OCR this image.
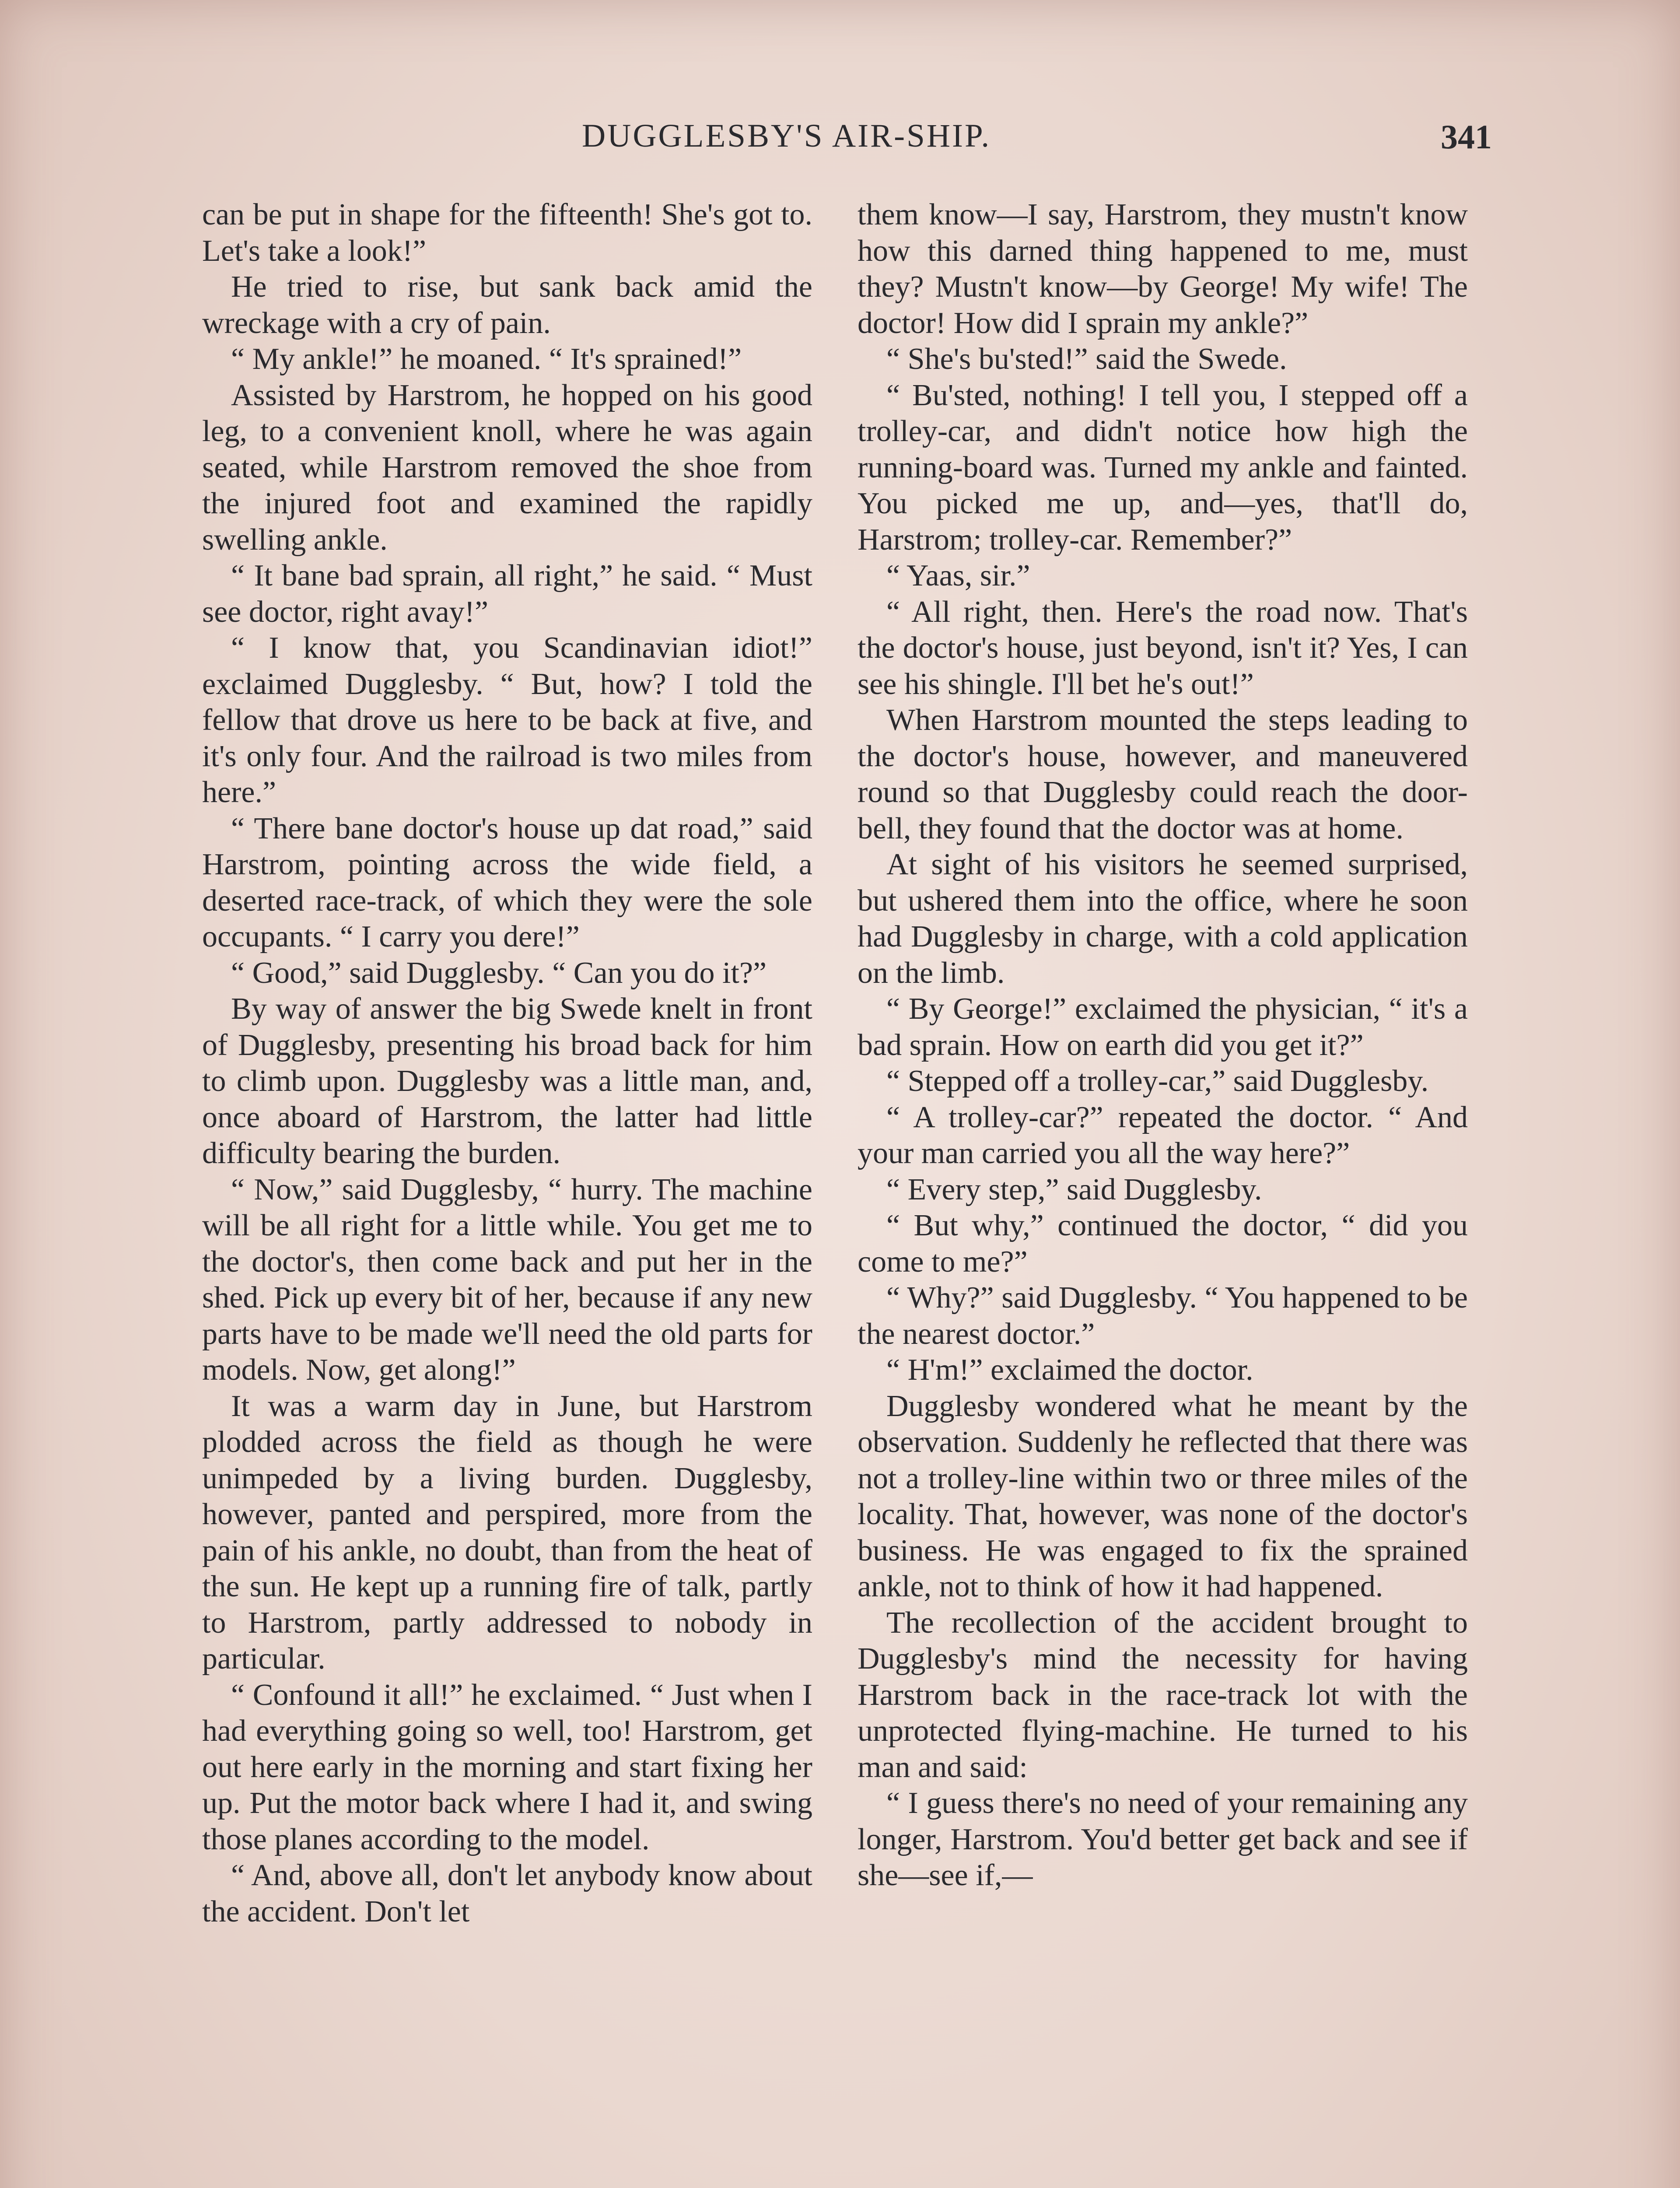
DUGGLESBY'S AIR-SHIP.	341

can be put in shape for the fifteenth! She's got to. Let's take a look!”

He tried to rise, but sank back amid the wreckage with a cry of pain.

“ My ankle!” he moaned. “ It's sprained!”

Assisted by Harstrom, he hopped on his good leg, to a convenient knoll, where he was again seated, while Harstrom removed the shoe from the injured foot and examined the rapidly swelling ankle.

“ It bane bad sprain, all right,” he said. “ Must see doctor, right avay!”

“ I know that, you Scandinavian idiot!” exclaimed Dugglesby. “ But, how? I told the fellow that drove us here to be back at five, and it's only four. And the railroad is two miles from here.”

“ There bane doctor's house up dat road,” said Harstrom, pointing across the wide field, a deserted race-track, of which they were the sole occupants. “ I carry you dere!”

“ Good,” said Dugglesby. “ Can you do it?”

By way of answer the big Swede knelt in front of Dugglesby, presenting his broad back for him to climb upon. Dugglesby was a little man, and, once aboard of Harstrom, the latter had little difficulty bearing the burden.

“ Now,” said Dugglesby, “ hurry. The machine will be all right for a little while. You get me to the doctor's, then come back and put her in the shed. Pick up every bit of her, because if any new parts have to be made we'll need the old parts for models. Now, get along!”

It was a warm day in June, but Harstrom plodded across the field as though he were unimpeded by a living burden. Dugglesby, however, panted and perspired, more from the pain of his ankle, no doubt, than from the heat of the sun. He kept up a running fire of talk, partly to Harstrom, partly addressed to nobody in particular.

“ Confound it all!” he exclaimed. “ Just when I had everything going so well, too! Harstrom, get out here early in the morning and start fixing her up. Put the motor back where I had it, and swing those planes according to the model.

“ And, above all, don't let anybody know about the accident. Don't let

them know—I say, Harstrom, they mustn't know how this darned thing happened to me, must they? Mustn't know—by George! My wife! The doctor! How did I sprain my ankle?”

“ She's bu'sted!” said the Swede.

“ Bu'sted, nothing! I tell you, I stepped off a trolley-car, and didn't notice how high the running-board was. Turned my ankle and fainted. You picked me up, and—yes, that'll do, Harstrom; trolley-car. Remember?”

“ Yaas, sir.”

“ All right, then. Here's the road now. That's the doctor's house, just beyond, isn't it? Yes, I can see his shingle. I'll bet he's out!”

When Harstrom mounted the steps leading to the doctor's house, however, and maneuvered round so that Dugglesby could reach the door-bell, they found that the doctor was at home.

At sight of his visitors he seemed surprised, but ushered them into the office, where he soon had Dugglesby in charge, with a cold application on the limb.

“ By George!” exclaimed the physician, “ it's a bad sprain. How on earth did you get it?”

“ Stepped off a trolley-car,” said Dugglesby.

“ A trolley-car?” repeated the doctor. “ And your man carried you all the way here?”

“ Every step,” said Dugglesby.

“ But why,” continued the doctor, “ did you come to me?”

“ Why?” said Dugglesby. “ You happened to be the nearest doctor.”

“ H'm!” exclaimed the doctor.

Dugglesby wondered what he meant by the observation. Suddenly he reflected that there was not a trolley-line within two or three miles of the locality. That, however, was none of the doctor's business. He was engaged to fix the sprained ankle, not to think of how it had happened.

The recollection of the accident brought to Dugglesby's mind the necessity for having Harstrom back in the race-track lot with the unprotected flying-machine. He turned to his man and said:

“ I guess there's no need of your remaining any longer, Harstrom. You'd better get back and see if she—see if,—
